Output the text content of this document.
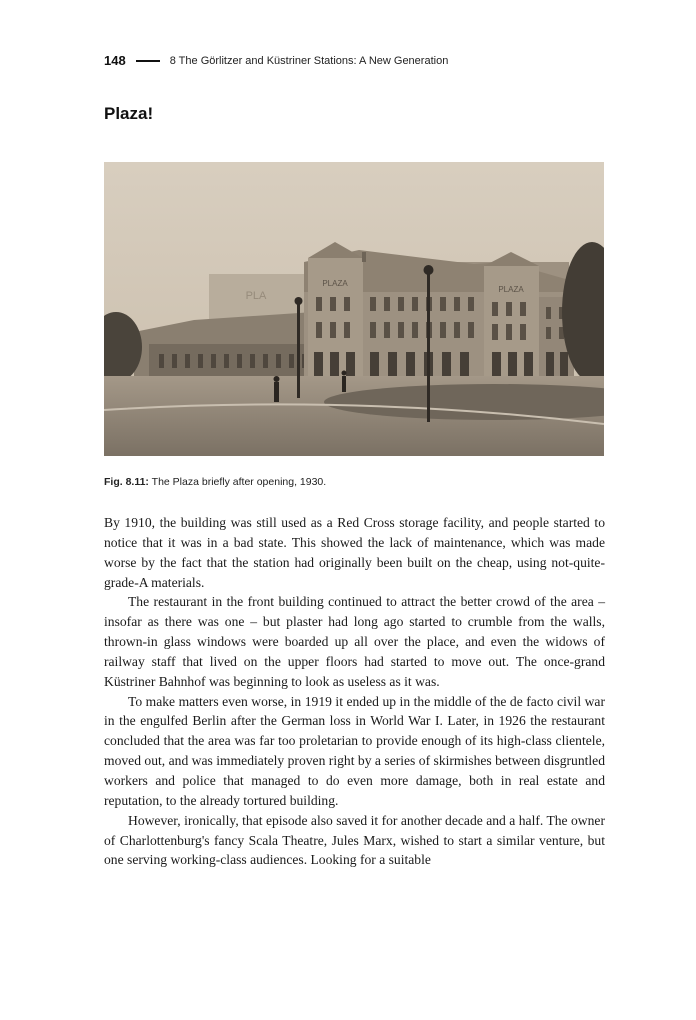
148	8 The Görlitzer and Küstriner Stations: A New Generation
Plaza!
PLA
PLAZA
PLAZA
Fig. 8.11: The Plaza briefly after opening, 1930.

By 1910, the building was still used as a Red Cross storage facility, and people started to notice that it was in a bad state. This showed the lack of maintenance, which was made worse by the fact that the station had originally been built on the cheap, using not-quite-grade-A materials.

The restaurant in the front building continued to attract the better crowd of the area – insofar as there was one – but plaster had long ago started to crumble from the walls, thrown-in glass windows were boarded up all over the place, and even the widows of railway staff that lived on the upper floors had started to move out. The once-grand Küstriner Bahnhof was beginning to look as useless as it was.

To make matters even worse, in 1919 it ended up in the middle of the de facto civil war in the engulfed Berlin after the German loss in World War I. Later, in 1926 the restaurant concluded that the area was far too proletarian to provide enough of its high-class clientele, moved out, and was immediately proven right by a series of skirmishes between disgruntled workers and police that managed to do even more damage, both in real estate and reputation, to the already tortured building.

However, ironically, that episode also saved it for another decade and a half. The owner of Charlottenburg's fancy Scala Theatre, Jules Marx, wished to start a similar venture, but one serving working-class audiences. Looking for a suitable
